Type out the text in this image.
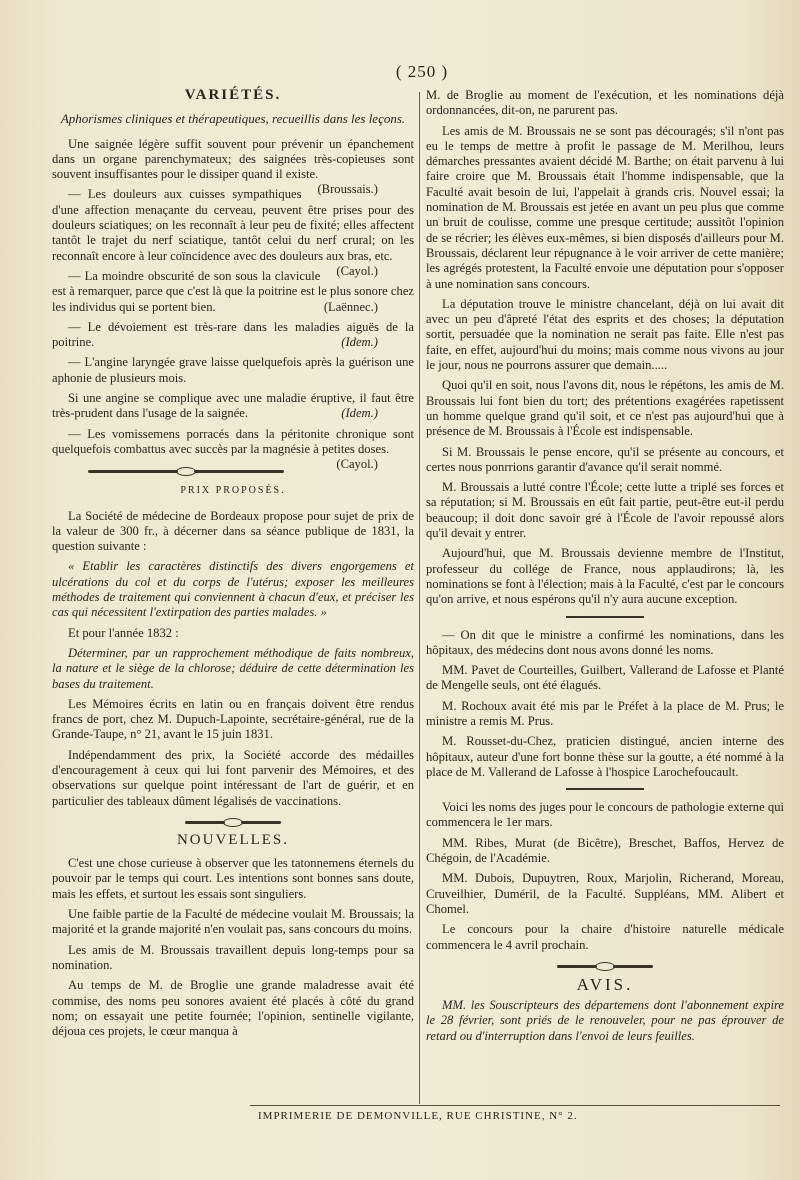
( 250 )
VARIÉTÉS.
Aphorismes cliniques et thérapeutiques, recueillis dans les leçons.

Une saignée légère suffit souvent pour prévenir un épanchement dans un organe parenchymateux; des saignées très-copieuses sont souvent insuffisantes pour le dissiper quand il existe.
(Broussais.)

— Les douleurs aux cuisses sympathiques d'une affection menaçante du cerveau, peuvent être prises pour des douleurs sciatiques; on les reconnaît à leur peu de fixité; elles affectent tantôt le trajet du nerf sciatique, tantôt celui du nerf crural; on les reconnaît encore à leur coïncidence avec des douleurs aux bras, etc.
(Cayol.)

— La moindre obscurité de son sous la clavicule est à remarquer, parce que c'est là que la poitrine est le plus sonore chez les individus qui se portent bien.	(Laënnec.)

— Le dévoiement est très-rare dans les maladies aiguës de la poitrine.	(Idem.)

— L'angine laryngée grave laisse quelquefois après la guérison une aphonie de plusieurs mois.

Si une angine se complique avec une maladie éruptive, il faut être très-prudent dans l'usage de la saignée.	(Idem.)

— Les vomissemens porracés dans la péritonite chronique sont quelquefois combattus avec succès par la magnésie à petites doses.
(Cayol.)

PRIX PROPOSÉS.

La Société de médecine de Bordeaux propose pour sujet de prix de la valeur de 300 fr., à décerner dans sa séance publique de 1831, la question suivante :

« Etablir les caractères distinctifs des divers engorgemens et ulcérations du col et du corps de l'utérus; exposer les meilleures méthodes de traitement qui conviennent à chacun d'eux, et préciser les cas qui nécessitent l'extirpation des parties malades. »

Et pour l'année 1832 :

Déterminer, par un rapprochement méthodique de faits nombreux, la nature et le siège de la chlorose; déduire de cette détermination les bases du traitement.

Les Mémoires écrits en latin ou en français doivent être rendus francs de port, chez M. Dupuch-Lapointe, secrétaire-général, rue de la Grande-Taupe, n° 21, avant le 15 juin 1831.

Indépendamment des prix, la Société accorde des médailles d'encouragement à ceux qui lui font parvenir des Mémoires, et des observations sur quelque point intéressant de l'art de guérir, et en particulier des tableaux dûment légalisés de vaccinations.

NOUVELLES.

C'est une chose curieuse à observer que les tatonnemens éternels du pouvoir par le temps qui court. Les intentions sont bonnes sans doute, mais les effets, et surtout les essais sont singuliers.

Une faible partie de la Faculté de médecine voulait M. Broussais; la majorité et la grande majorité n'en voulait pas, sans concours du moins.

Les amis de M. Broussais travaillent depuis long-temps pour sa nomination.

Au temps de M. de Broglie une grande maladresse avait été commise, des noms peu sonores avaient été placés à côté du grand nom; on essayait une petite fournée; l'opinion, sentinelle vigilante, déjoua ces projets, le cœur manqua à

M. de Broglie au moment de l'exécution, et les nominations déjà ordonnancées, dit-on, ne parurent pas.

Les amis de M. Broussais ne se sont pas découragés; s'il n'ont pas eu le temps de mettre à profit le passage de M. Merilhou, leurs démarches pressantes avaient décidé M. Barthe; on était parvenu à lui faire croire que M. Broussais était l'homme indispensable, que la Faculté avait besoin de lui, l'appelait à grands cris. Nouvel essai; la nomination de M. Broussais est jetée en avant un peu plus que comme un bruit de coulisse, comme une presque certitude; aussitôt l'opinion de se récrier; les élèves eux-mêmes, si bien disposés d'ailleurs pour M. Broussais, déclarent leur répugnance à le voir arriver de cette manière; les agrégés protestent, la Faculté envoie une députation pour s'opposer à une nomination sans concours.

La députation trouve le ministre chancelant, déjà on lui avait dit avec un peu d'âpreté l'état des esprits et des choses; la députation sortit, persuadée que la nomination ne serait pas faite. Elle n'est pas faite, en effet, aujourd'hui du moins; mais comme nous vivons au jour le jour, nous ne pourrons assurer que demain.....

Quoi qu'il en soit, nous l'avons dit, nous le répétons, les amis de M. Broussais lui font bien du tort; des prétentions exagérées rapetissent un homme quelque grand qu'il soit, et ce n'est pas aujourd'hui que à présence de M. Broussais à l'École est indispensable.

Si M. Broussais le pense encore, qu'il se présente au concours, et certes nous ponrrions garantir d'avance qu'il serait nommé.

M. Broussais a lutté contre l'École; cette lutte a triplé ses forces et sa réputation; si M. Broussais en eût fait partie, peut-être eut-il perdu beaucoup; il doit donc savoir gré à l'École de l'avoir repoussé alors qu'il devait y entrer.

Aujourd'hui, que M. Broussais devienne membre de l'Institut, professeur du collége de France, nous applaudirons; là, les nominations se font à l'élection; mais à la Faculté, c'est par le concours qu'on arrive, et nous espérons qu'il n'y aura aucune exception.

— On dit que le ministre a confirmé les nominations, dans les hôpitaux, des médecins dont nous avons donné les noms.

MM. Pavet de Courteilles, Guilbert, Vallerand de Lafosse et Planté de Mengelle seuls, ont été élagués.

M. Rochoux avait été mis par le Préfet à la place de M. Prus; le ministre a remis M. Prus.

M. Rousset-du-Chez, praticien distingué, ancien interne des hôpitaux, auteur d'une fort bonne thèse sur la goutte, a été nommé à la place de M. Vallerand de Lafosse à l'hospice Larochefoucault.

Voici les noms des juges pour le concours de pathologie externe qui commencera le 1er mars.

MM. Ribes, Murat (de Bicêtre), Breschet, Baffos, Hervez de Chégoin, de l'Académie.

MM. Dubois, Dupuytren, Roux, Marjolin, Richerand, Moreau, Cruveilhier, Duméril, de la Faculté. Suppléans, MM. Alibert et Chomel.

Le concours pour la chaire d'histoire naturelle médicale commencera le 4 avril prochain.

AVIS.

MM. les Souscripteurs des départemens dont l'abonnement expire le 28 février, sont priés de le renouveler, pour ne pas éprouver de retard ou d'interruption dans l'envoi de leurs feuilles.

IMPRIMERIE DE DEMONVILLE, RUE CHRISTINE, N° 2.
